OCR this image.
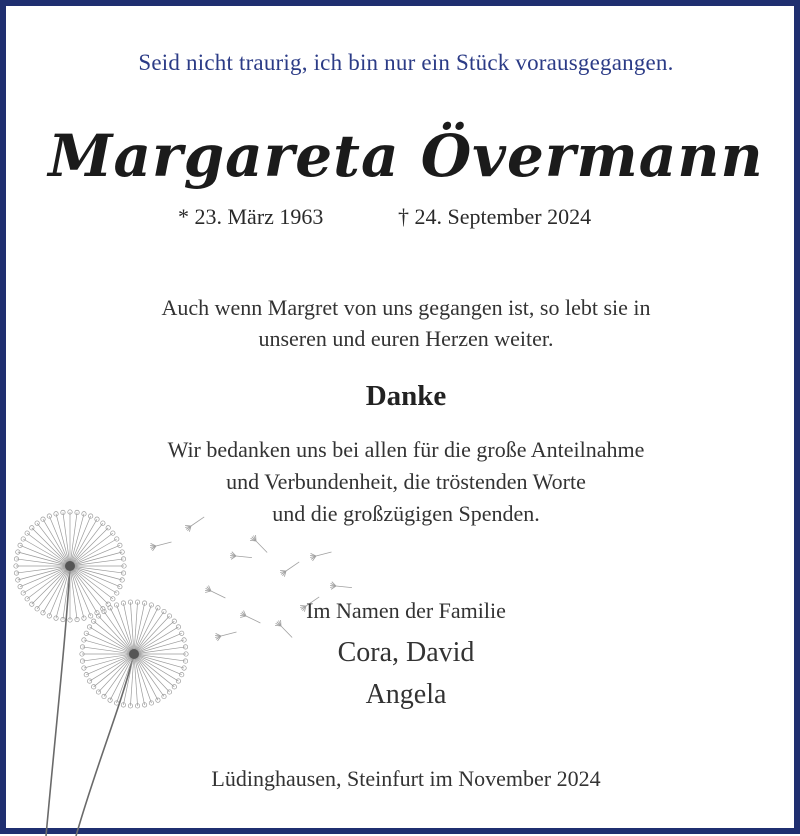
Seid nicht traurig, ich bin nur ein Stück vorausgegangen.
Margareta Övermann
* 23. März 1963	† 24. September 2024
Auch wenn Margret von uns gegangen ist, so lebt sie in
unseren und euren Herzen weiter.
Danke
Wir bedanken uns bei allen für die große Anteilnahme
und Verbundenheit, die tröstenden Worte
und die großzügigen Spenden.
Im Namen der Familie
Cora, David
Angela
Lüdinghausen, Steinfurt im November 2024
